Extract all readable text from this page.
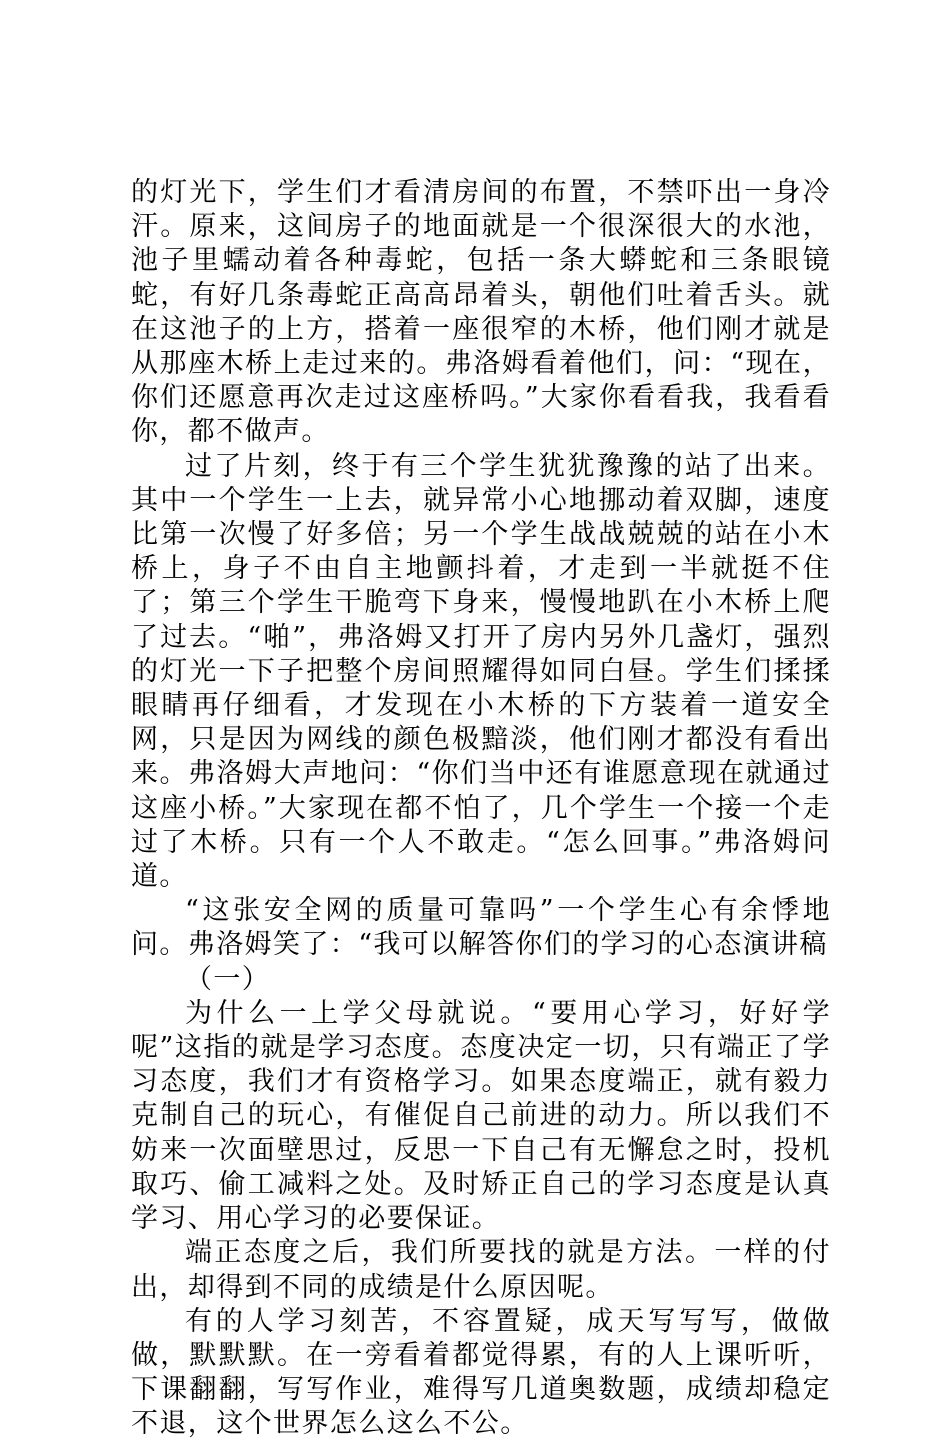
的灯光下，学生们才看清房间的布置，不禁吓出一身冷汗。原来，这间房子的地面就是一个很深很大的水池，池子里蠕动着各种毒蛇，包括一条大蟒蛇和三条眼镜蛇，有好几条毒蛇正高高昂着头，朝他们吐着舌头。就在这池子的上方，搭着一座很窄的木桥，他们刚才就是从那座木桥上走过来的。弗洛姆看着他们，问：“现在，你们还愿意再次走过这座桥吗。”大家你看看我，我看看你，都不做声。

过了片刻，终于有三个学生犹犹豫豫的站了出来。其中一个学生一上去，就异常小心地挪动着双脚，速度比第一次慢了好多倍；另一个学生战战兢兢的站在小木桥上，身子不由自主地颤抖着，才走到一半就挺不住了；第三个学生干脆弯下身来，慢慢地趴在小木桥上爬了过去。“啪”，弗洛姆又打开了房内另外几盏灯，强烈的灯光一下子把整个房间照耀得如同白昼。学生们揉揉眼睛再仔细看，才发现在小木桥的下方装着一道安全网，只是因为网线的颜色极黯淡，他们刚才都没有看出来。弗洛姆大声地问：“你们当中还有谁愿意现在就通过这座小桥。”大家现在都不怕了，几个学生一个接一个走过了木桥。只有一个人不敢走。“怎么回事。”弗洛姆问道。

“这张安全网的质量可靠吗”一个学生心有余悸地问。弗洛姆笑了：“我可以解答你们的学习的心态演讲稿

（一）

为什么一上学父母就说。“要用心学习，好好学呢”这指的就是学习态度。态度决定一切，只有端正了学习态度，我们才有资格学习。如果态度端正，就有毅力克制自己的玩心，有催促自己前进的动力。所以我们不妨来一次面壁思过，反思一下自己有无懈怠之时，投机取巧、偷工减料之处。及时矫正自己的学习态度是认真学习、用心学习的必要保证。

端正态度之后，我们所要找的就是方法。一样的付出，却得到不同的成绩是什么原因呢。

有的人学习刻苦，不容置疑，成天写写写，做做做，默默默。在一旁看着都觉得累，有的人上课听听，下课翻翻，写写作业，难得写几道奥数题，成绩却稳定不退，这个世界怎么这么不公。
